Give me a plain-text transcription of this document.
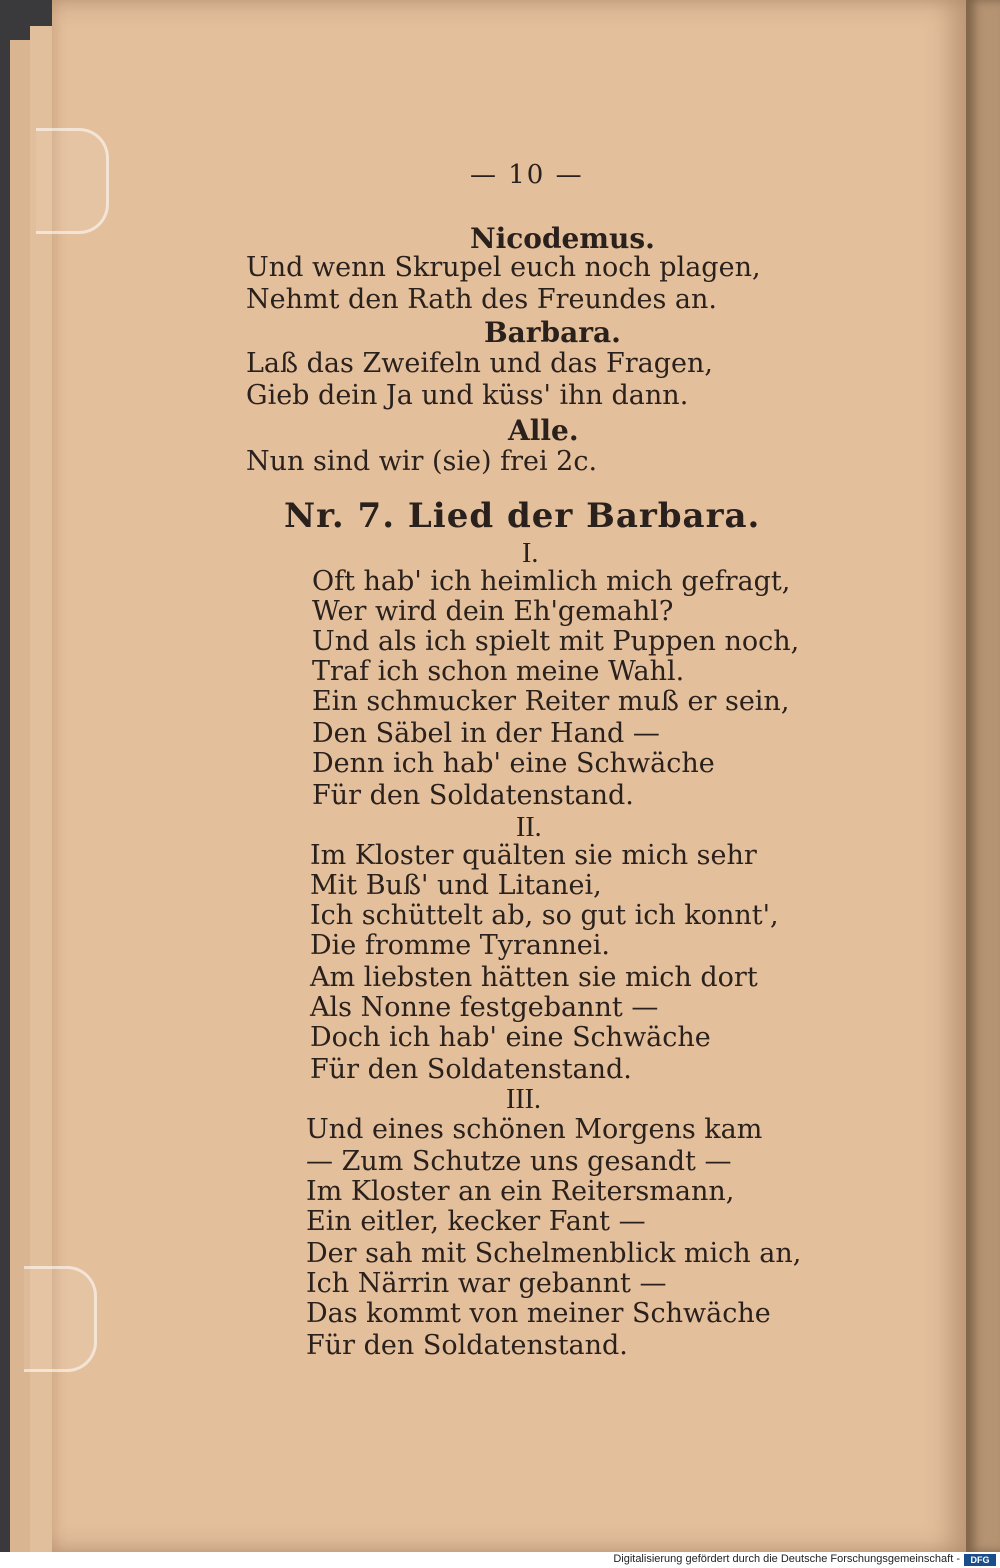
— 10 —
Nicodemus.
Und wenn Skrupel euch noch plagen,
Nehmt den Rath des Freundes an.
Barbara.
Laß das Zweifeln und das Fragen,
Gieb dein Ja und küss' ihn dann.
Alle.
Nun sind wir (sie) frei 2c.
Nr. 7. Lied der Barbara.
I.
Oft hab' ich heimlich mich gefragt,
Wer wird dein Eh'gemahl?
Und als ich spielt mit Puppen noch,
Traf ich schon meine Wahl.
Ein schmucker Reiter muß er sein,
Den Säbel in der Hand —
Denn ich hab' eine Schwäche
Für den Soldatenstand.
II.
Im Kloster quälten sie mich sehr
Mit Buß' und Litanei,
Ich schüttelt ab, so gut ich konnt',
Die fromme Tyrannei.
Am liebsten hätten sie mich dort
Als Nonne festgebannt —
Doch ich hab' eine Schwäche
Für den Soldatenstand.
III.
Und eines schönen Morgens kam
— Zum Schutze uns gesandt —
Im Kloster an ein Reitersmann,
Ein eitler, kecker Fant —
Der sah mit Schelmenblick mich an,
Ich Närrin war gebannt —
Das kommt von meiner Schwäche
Für den Soldatenstand.
Digitalisierung gefördert durch die Deutsche Forschungsgemeinschaft -	DFG
